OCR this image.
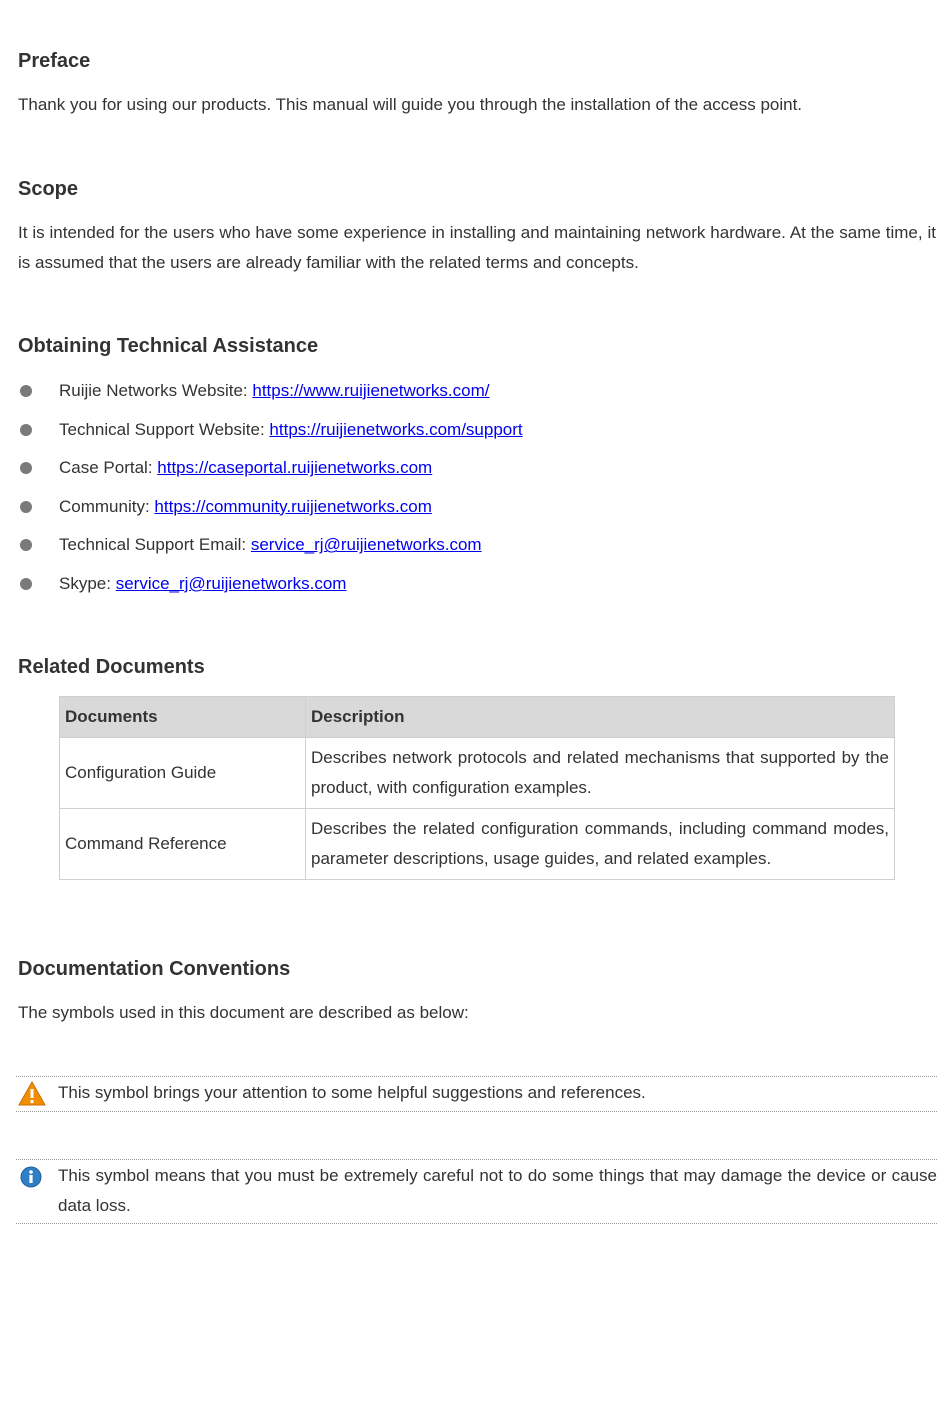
Preface

Thank you for using our products. This manual will guide you through the installation of the access point.

Scope

It is intended for the users who have some experience in installing and maintaining network hardware. At the same time, it is assumed that the users are already familiar with the related terms and concepts.

Obtaining Technical Assistance
Ruijie Networks Website: https://www.ruijienetworks.com/
Technical Support Website: https://ruijienetworks.com/support
Case Portal: https://caseportal.ruijienetworks.com
Community: https://community.ruijienetworks.com
Technical Support Email: service_rj@ruijienetworks.com
Skype: service_rj@ruijienetworks.com
Related Documents
Documents	Description
Configuration Guide	Describes network protocols and related mechanisms that supported by the product, with configuration examples.
Command Reference	Describes the related configuration commands, including command modes, parameter descriptions, usage guides, and related examples.
Documentation Conventions

The symbols used in this document are described as below:

This symbol brings your attention to some helpful suggestions and references.
This symbol means that you must be extremely careful not to do some things that may damage the device or cause data loss.
